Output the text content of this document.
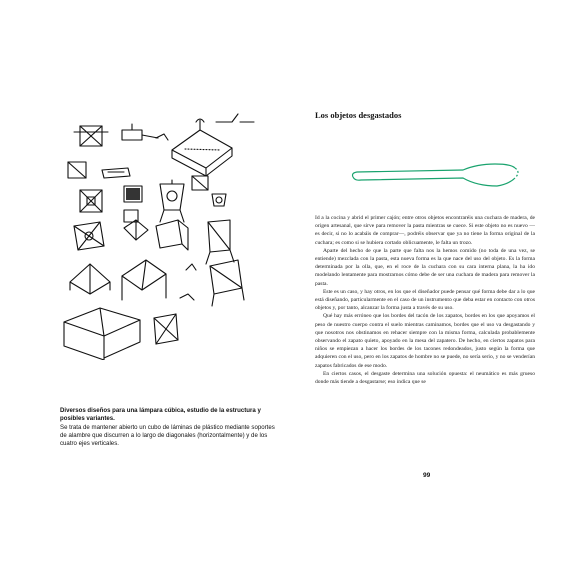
Diversos diseños para una lámpara cúbica, estudio de la estructura y posibles variantes.
Se trata de mantener abierto un cubo de láminas de plástico mediante soportes de alambre que discurren a lo largo de diagonales (horizontalmente) y de los cuatro ejes verticales.
Los objetos desgastados

Id a la cocina y abrid el primer cajón; entre otros objetos encontraréis una cuchara de madera, de origen artesanal, que sirve para remover la pasta mientras se cuece. Si este objeto no es nuevo —es decir, si no lo acabáis de comprar—, podréis observar que ya no tiene la forma original de la cuchara; es como si se hubiera cortado oblicuamente, le falta un trozo.

Aparte del hecho de que la parte que falta nos la hemos comido (no toda de una vez, se entiende) mezclada con la pasta, esta nueva forma es la que nace del uso del objeto. Es la forma determinada por la olla, que, en el roce de la cuchara con su cara interna plana, la ha ido modelando lentamente para mostrarnos cómo debe de ser una cuchara de madera para remover la pasta.

Este es un caso, y hay otros, en los que el diseñador puede pensar qué forma debe dar a lo que está diseñando, particularmente en el caso de un instrumento que deba estar en contacto con otros objetos y, por tanto, alcanzar la forma justa a través de su uso.

Qué hay más erróneo que los bordes del tacón de los zapatos, bordes en los que apoyamos el peso de nuestro cuerpo contra el suelo mientras caminamos, bordes que el uso va desgastando y que nosotros nos obstinamos en rehacer siempre con la misma forma, calculada probablemente observando el zapato quieto, apoyado en la mesa del zapatero. De hecho, en ciertos zapatos para niños se empiezan a hacer los bordes de los tacones redondeados, justo según la forma que adquieren con el uso, pero en los zapatos de hombre no se puede, no sería serio, y no se venderían zapatos fabricados de ese modo.

En ciertos casos, el desgaste determina una solución opuesta: el neumático es más grueso donde más tiende a desgastarse; eso indica que se

99
